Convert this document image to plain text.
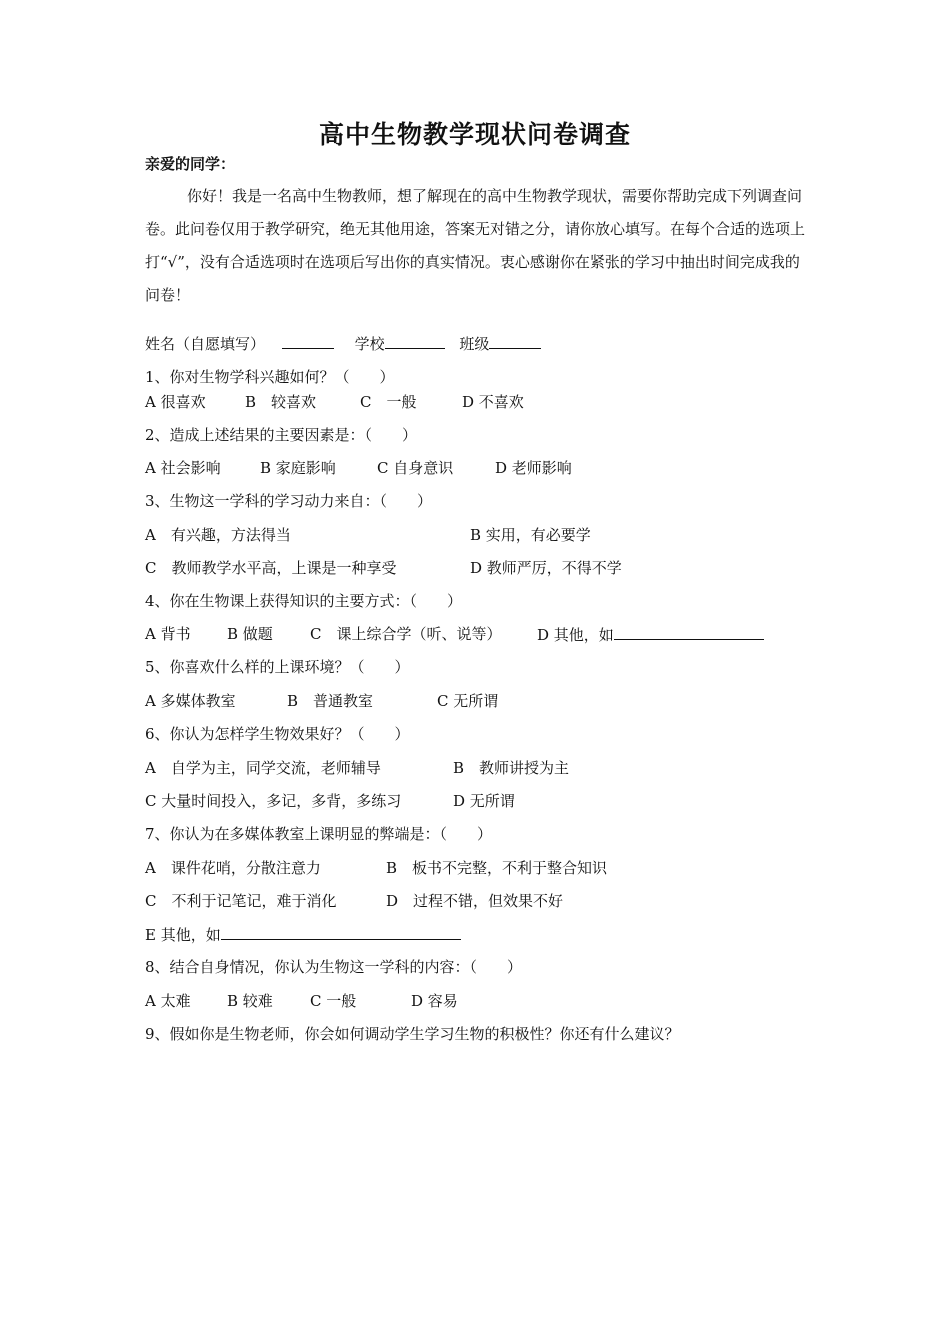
高中生物教学现状问卷调查
亲爱的同学：
你好！我是一名高中生物教师，想了解现在的高中生物教学现状，需要你帮助完成下列调查问卷。此问卷仅用于教学研究，绝无其他用途，答案无对错之分，请你放心填写。在每个合适的选项上打“√”，没有合适选项时在选项后写出你的真实情况。衷心感谢你在紧张的学习中抽出时间完成我的问卷！
姓名（自愿填写）	学校	班级
1、你对生物学科兴趣如何？（　　）
A 很喜欢	B　较喜欢	C　一般	D 不喜欢
2、造成上述结果的主要因素是：（　　）
A 社会影响	B 家庭影响	C 自身意识	D 老师影响
3、生物这一学科的学习动力来自：（　　）
A　有兴趣，方法得当	B 实用，有必要学
C　教师教学水平高，上课是一种享受	D 教师严厉，不得不学
4、你在生物课上获得知识的主要方式：（　　）
A 背书 B 做题 C　课上综合学（听、说等） D 其他，如
5、你喜欢什么样的上课环境？（　　）
A 多媒体教室	B　普通教室	C 无所谓
6、你认为怎样学生物效果好？（　　）
A　自学为主，同学交流，老师辅导	B　教师讲授为主
C 大量时间投入，多记，多背，多练习	D 无所谓
7、你认为在多媒体教室上课明显的弊端是：（　　）
A　课件花哨，分散注意力	B　板书不完整，不利于整合知识
C　不利于记笔记，难于消化	D　过程不错，但效果不好
E 其他，如
8、结合自身情况，你认为生物这一学科的内容：（　　）
A 太难 B 较难 C 一般	D 容易
9、假如你是生物老师，你会如何调动学生学习生物的积极性？你还有什么建议？
